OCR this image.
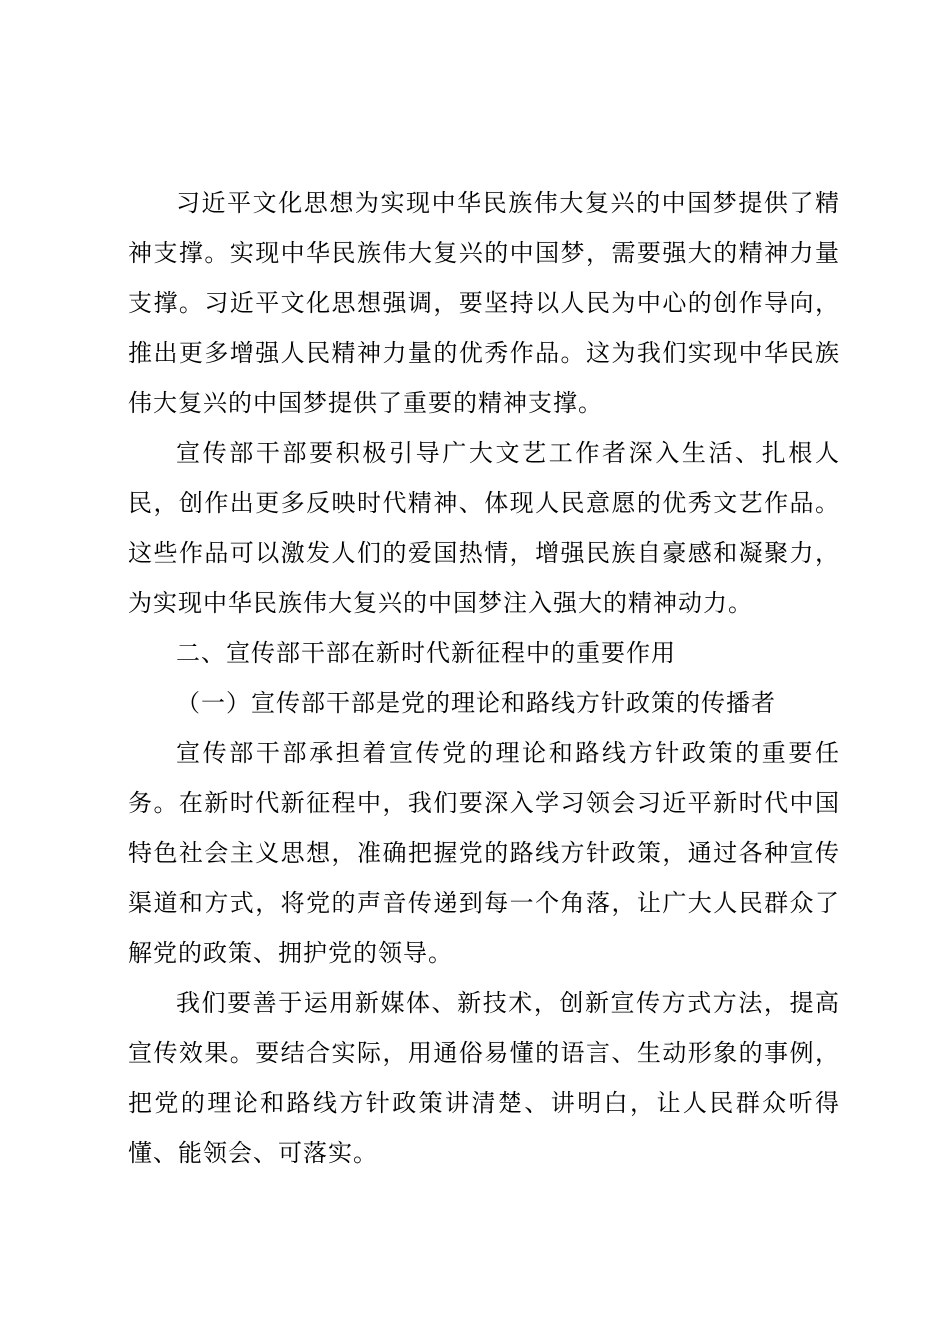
习近平文化思想为实现中华民族伟大复兴的中国梦提供了精神支撑。实现中华民族伟大复兴的中国梦，需要强大的精神力量支撑。习近平文化思想强调，要坚持以人民为中心的创作导向，推出更多增强人民精神力量的优秀作品。这为我们实现中华民族伟大复兴的中国梦提供了重要的精神支撑。

宣传部干部要积极引导广大文艺工作者深入生活、扎根人民，创作出更多反映时代精神、体现人民意愿的优秀文艺作品。这些作品可以激发人们的爱国热情，增强民族自豪感和凝聚力，为实现中华民族伟大复兴的中国梦注入强大的精神动力。

二、宣传部干部在新时代新征程中的重要作用

（一）宣传部干部是党的理论和路线方针政策的传播者

宣传部干部承担着宣传党的理论和路线方针政策的重要任务。在新时代新征程中，我们要深入学习领会习近平新时代中国特色社会主义思想，准确把握党的路线方针政策，通过各种宣传渠道和方式，将党的声音传递到每一个角落，让广大人民群众了解党的政策、拥护党的领导。

我们要善于运用新媒体、新技术，创新宣传方式方法，提高宣传效果。要结合实际，用通俗易懂的语言、生动形象的事例，把党的理论和路线方针政策讲清楚、讲明白，让人民群众听得懂、能领会、可落实。
